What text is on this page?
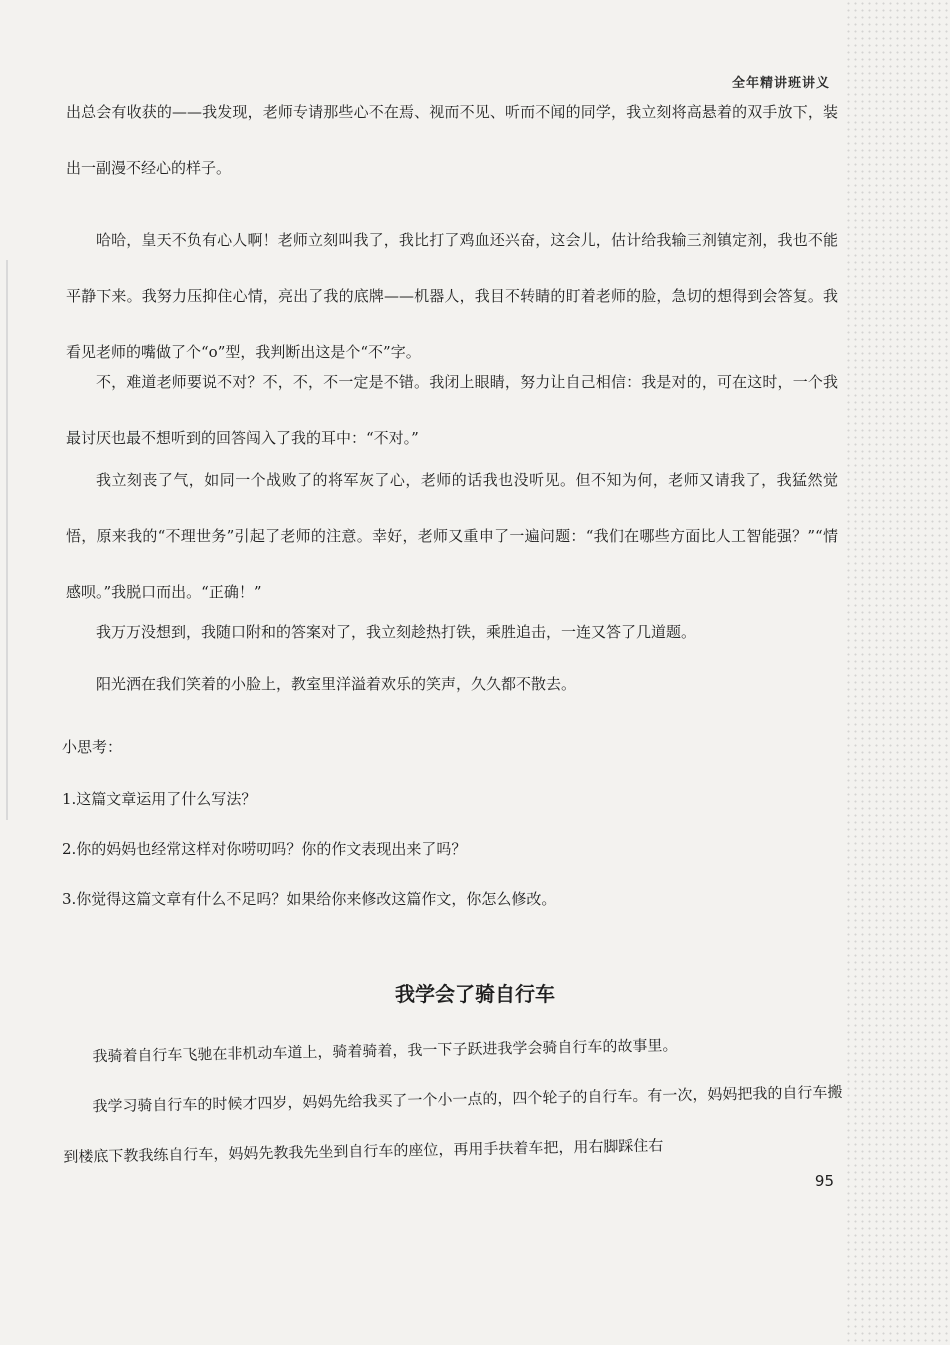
全年精讲班讲义
出总会有收获的——我发现，老师专请那些心不在焉、视而不见、听而不闻的同学，我立刻将高悬着的双手放下，装出一副漫不经心的样子。
哈哈，皇天不负有心人啊！老师立刻叫我了，我比打了鸡血还兴奋，这会儿，估计给我输三剂镇定剂，我也不能平静下来。我努力压抑住心情，亮出了我的底牌——机器人，我目不转睛的盯着老师的脸，急切的想得到会答复。我看见老师的嘴做了个“o”型，我判断出这是个“不”字。
不，难道老师要说不对？不，不，不一定是不错。我闭上眼睛，努力让自己相信：我是对的，可在这时，一个我最讨厌也最不想听到的回答闯入了我的耳中：“不对。”
我立刻丧了气，如同一个战败了的将军灰了心，老师的话我也没听见。但不知为何，老师又请我了，我猛然觉悟，原来我的“不理世务”引起了老师的注意。幸好，老师又重申了一遍问题：“我们在哪些方面比人工智能强？”“情感呗。”我脱口而出。“正确！”
我万万没想到，我随口附和的答案对了，我立刻趁热打铁，乘胜追击，一连又答了几道题。
阳光洒在我们笑着的小脸上，教室里洋溢着欢乐的笑声，久久都不散去。
小思考：
1.这篇文章运用了什么写法？
2.你的妈妈也经常这样对你唠叨吗？你的作文表现出来了吗？
3.你觉得这篇文章有什么不足吗？如果给你来修改这篇作文，你怎么修改。
我学会了骑自行车
我骑着自行车飞驰在非机动车道上，骑着骑着，我一下子跃进我学会骑自行车的故事里。
我学习骑自行车的时候才四岁，妈妈先给我买了一个小一点的，四个轮子的自行车。有一次，妈妈把我的自行车搬到楼底下教我练自行车，妈妈先教我先坐到自行车的座位，再用手扶着车把，用右脚踩住右
95
